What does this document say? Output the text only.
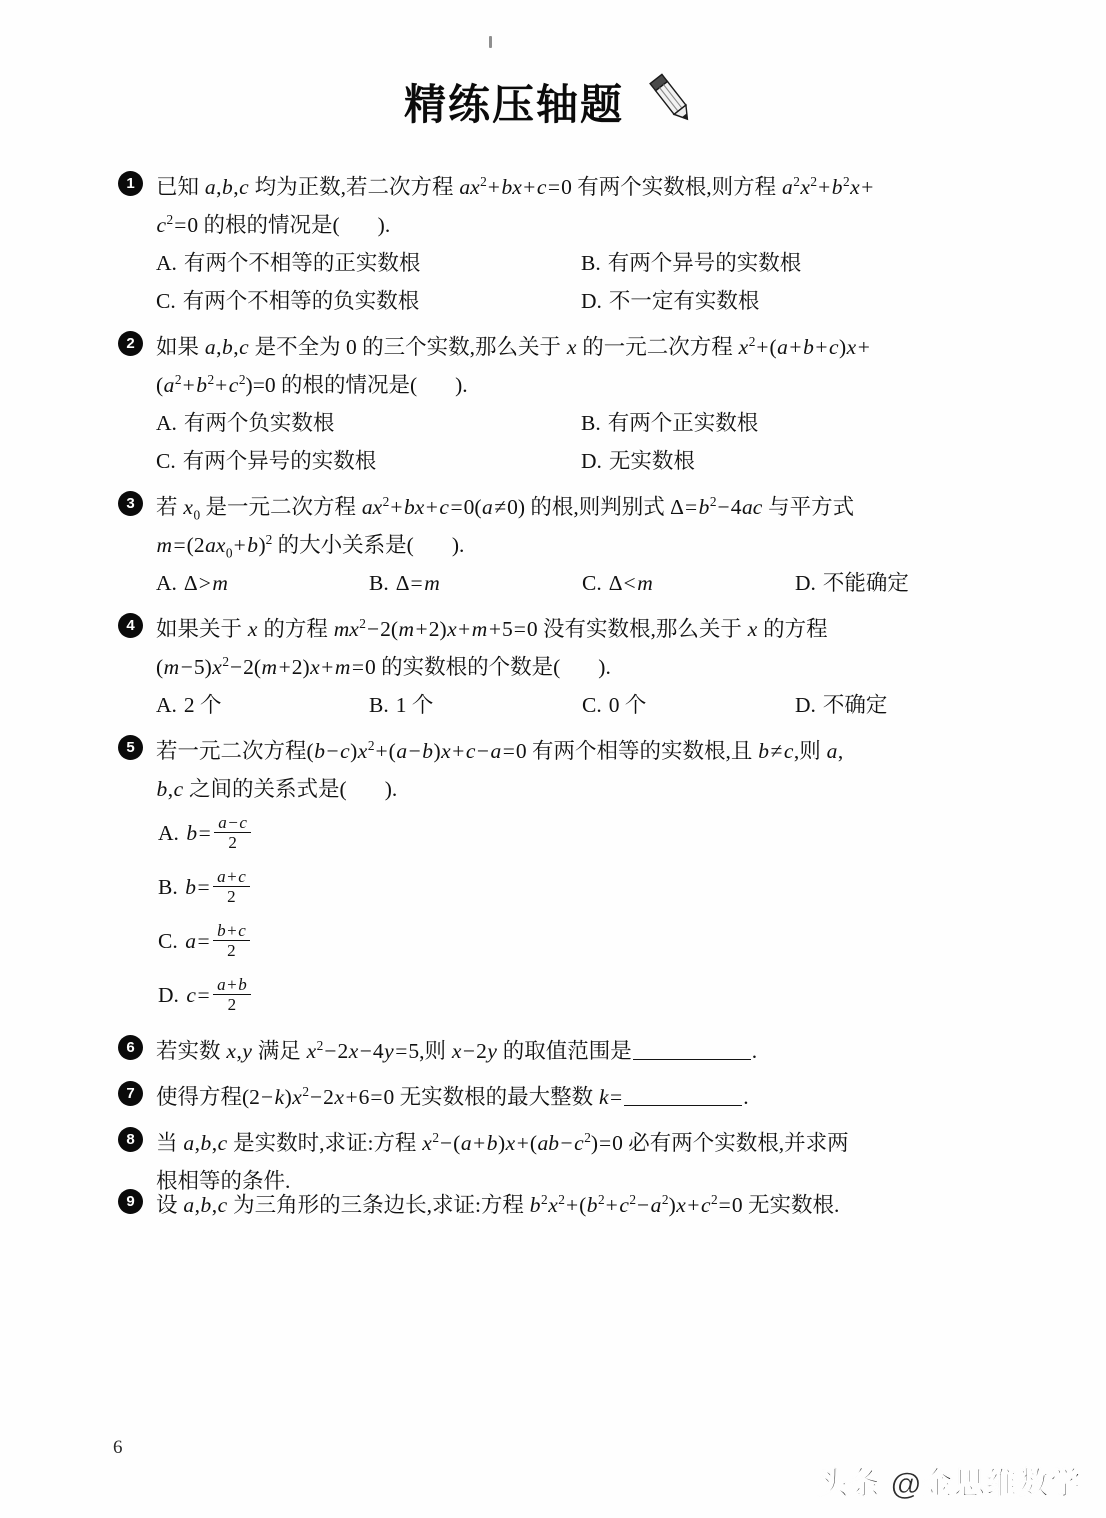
精练压轴题
1 已知 a,b,c 均为正数,若二次方程 $ax^2+bx+c=0$ 有两个实数根,则方程 $a^2x^2+b^2x+$
$c^2=0$ 的根的情况是( ).
A. 有两个不相等的正实数根	B. 有两个异号的实数根
C. 有两个不相等的负实数根	D. 不一定有实数根
2 如果 a,b,c 是不全为 0 的三个实数,那么关于 x 的一元二次方程 $x^2+(a+b+c)x+$
$(a^2+b^2+c^2)=0$ 的根的情况是( ).
A. 有两个负实数根	B. 有两个正实数根
C. 有两个异号的实数根	D. 无实数根
3 若 $x_0$ 是一元二次方程 $ax^2+bx+c=0(a\ne 0)$ 的根,则判别式 $\Delta=b^2-4ac$ 与平方式
$m=(2ax_0+b)^2$ 的大小关系是( ).
A. Δ>m	B. Δ=m	C. Δ<m	D. 不能确定
4 如果关于 x 的方程 $mx^2-2(m+2)x+m+5=0$ 没有实数根,那么关于 x 的方程
$(m-5)x^2-2(m+2)x+m=0$ 的实数根的个数是( ).
A. 2 个	B. 1 个	C. 0 个	D. 不确定
5 若一元二次方程$(b-c)x^2+(a-b)x+c-a=0$ 有两个相等的实数根,且 b≠c,则 a,
b,c 之间的关系式是( ).
A. $b= \frac{a-c}{2}$
B. $b= \frac{a+c}{2}$
C. $a= \frac{b+c}{2}$
D. $c= \frac{a+b}{2}$
6 若实数 x,y 满足 $x^2-2x-4y=5$,则 x−2y 的取值范围是	.
7 使得方程$(2-k)x^2-2x+6=0$ 无实数根的最大整数 k=	.
8 当 a,b,c 是实数时,求证:方程 $x^2-(a+b)x+(ab-c^2)=0$ 必有两个实数根,并求两
根相等的条件.
9 设 a,b,c 为三角形的三条边长,求证:方程 $b^2x^2+(b^2+c^2-a^2)x+c^2=0$ 无实数根.
6
头条 @金思维数学
